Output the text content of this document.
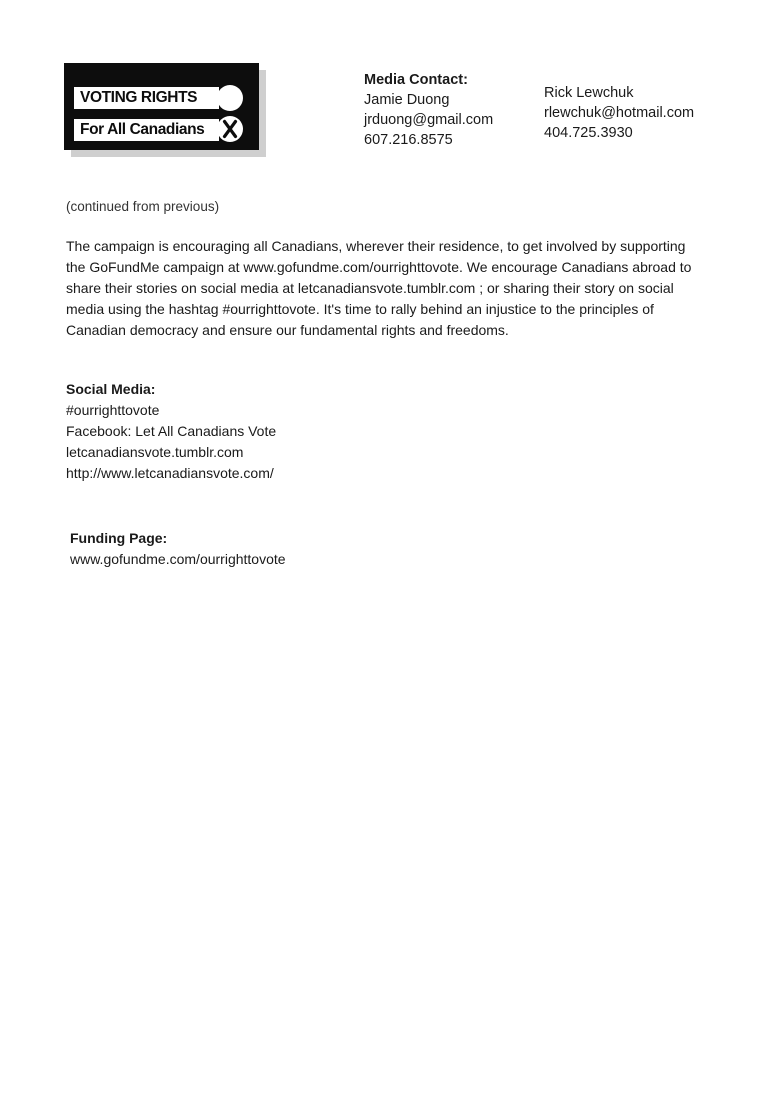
VOTING RIGHTS
For All Canadians
Media Contact:
Jamie Duong
jrduong@gmail.com
607.216.8575
Rick Lewchuk
rlewchuk@hotmail.com
404.725.3930
(continued from previous)

The campaign is encouraging all Canadians, wherever their residence, to get involved by supporting the GoFundMe campaign at www.gofundme.com/ourrighttovote. We encourage Canadians abroad to share their stories on social media at letcanadiansvote.tumblr.com ; or sharing their story on social media using the hashtag #ourrighttovote. It's time to rally behind an injustice to the principles of Canadian democracy and ensure our fundamental rights and freedoms.

Social Media:
#ourrighttovote
Facebook: Let All Canadians Vote
letcanadiansvote.tumblr.com
http://www.letcanadiansvote.com/
Funding Page:
www.gofundme.com/ourrighttovote
